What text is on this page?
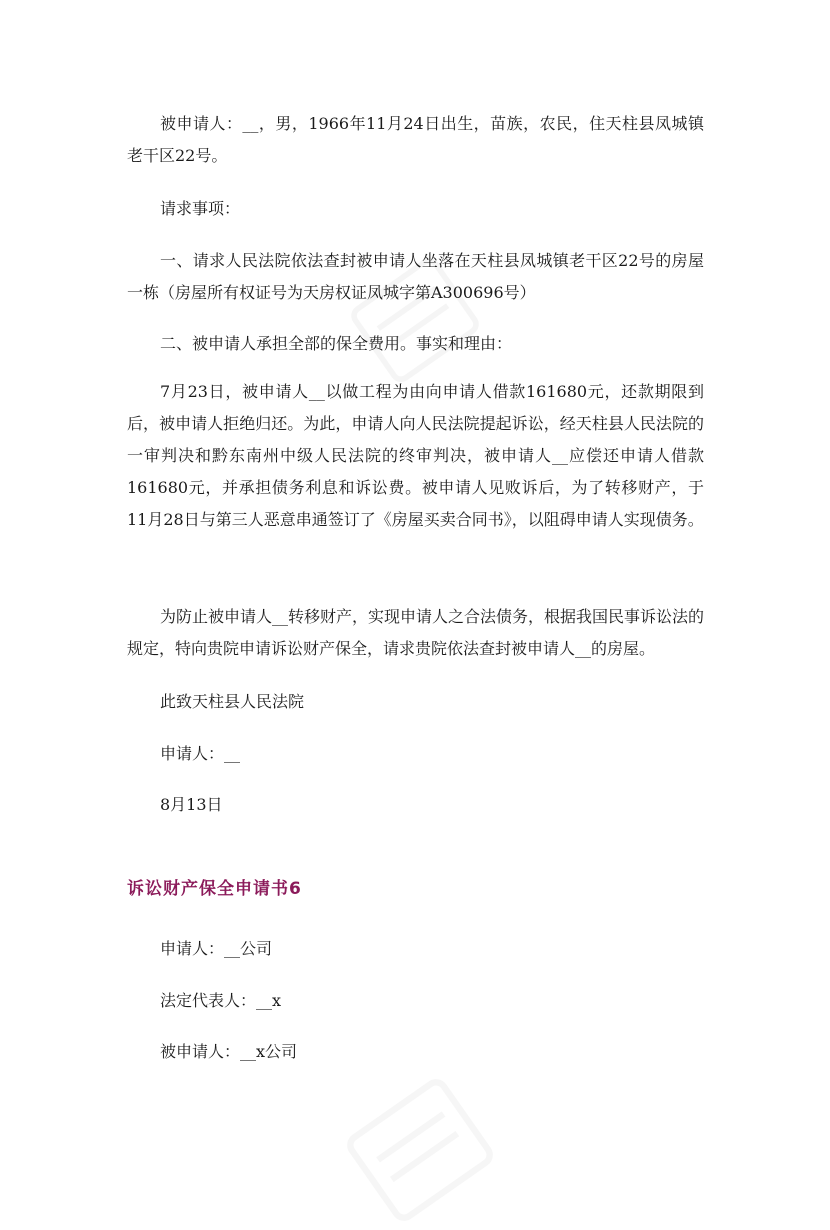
被申请人：__，男，1966年11月24日出生，苗族，农民，住天柱县凤城镇老干区22号。

请求事项：

一、请求人民法院依法查封被申请人坐落在天柱县凤城镇老干区22号的房屋一栋（房屋所有权证号为天房权证凤城字第A300696号）

二、被申请人承担全部的保全费用。事实和理由：

7月23日，被申请人__以做工程为由向申请人借款161680元，还款期限到后，被申请人拒绝归还。为此，申请人向人民法院提起诉讼，经天柱县人民法院的一审判决和黔东南州中级人民法院的终审判决，被申请人__应偿还申请人借款161680元，并承担债务利息和诉讼费。被申请人见败诉后，为了转移财产，于11月28日与第三人恶意串通签订了《房屋买卖合同书》，以阻碍申请人实现债务。

为防止被申请人__转移财产，实现申请人之合法债务，根据我国民事诉讼法的规定，特向贵院申请诉讼财产保全，请求贵院依法查封被申请人__的房屋。

此致天柱县人民法院

申请人：__

8月13日

诉讼财产保全申请书6

申请人：__公司

法定代表人：__x

被申请人：__x公司
